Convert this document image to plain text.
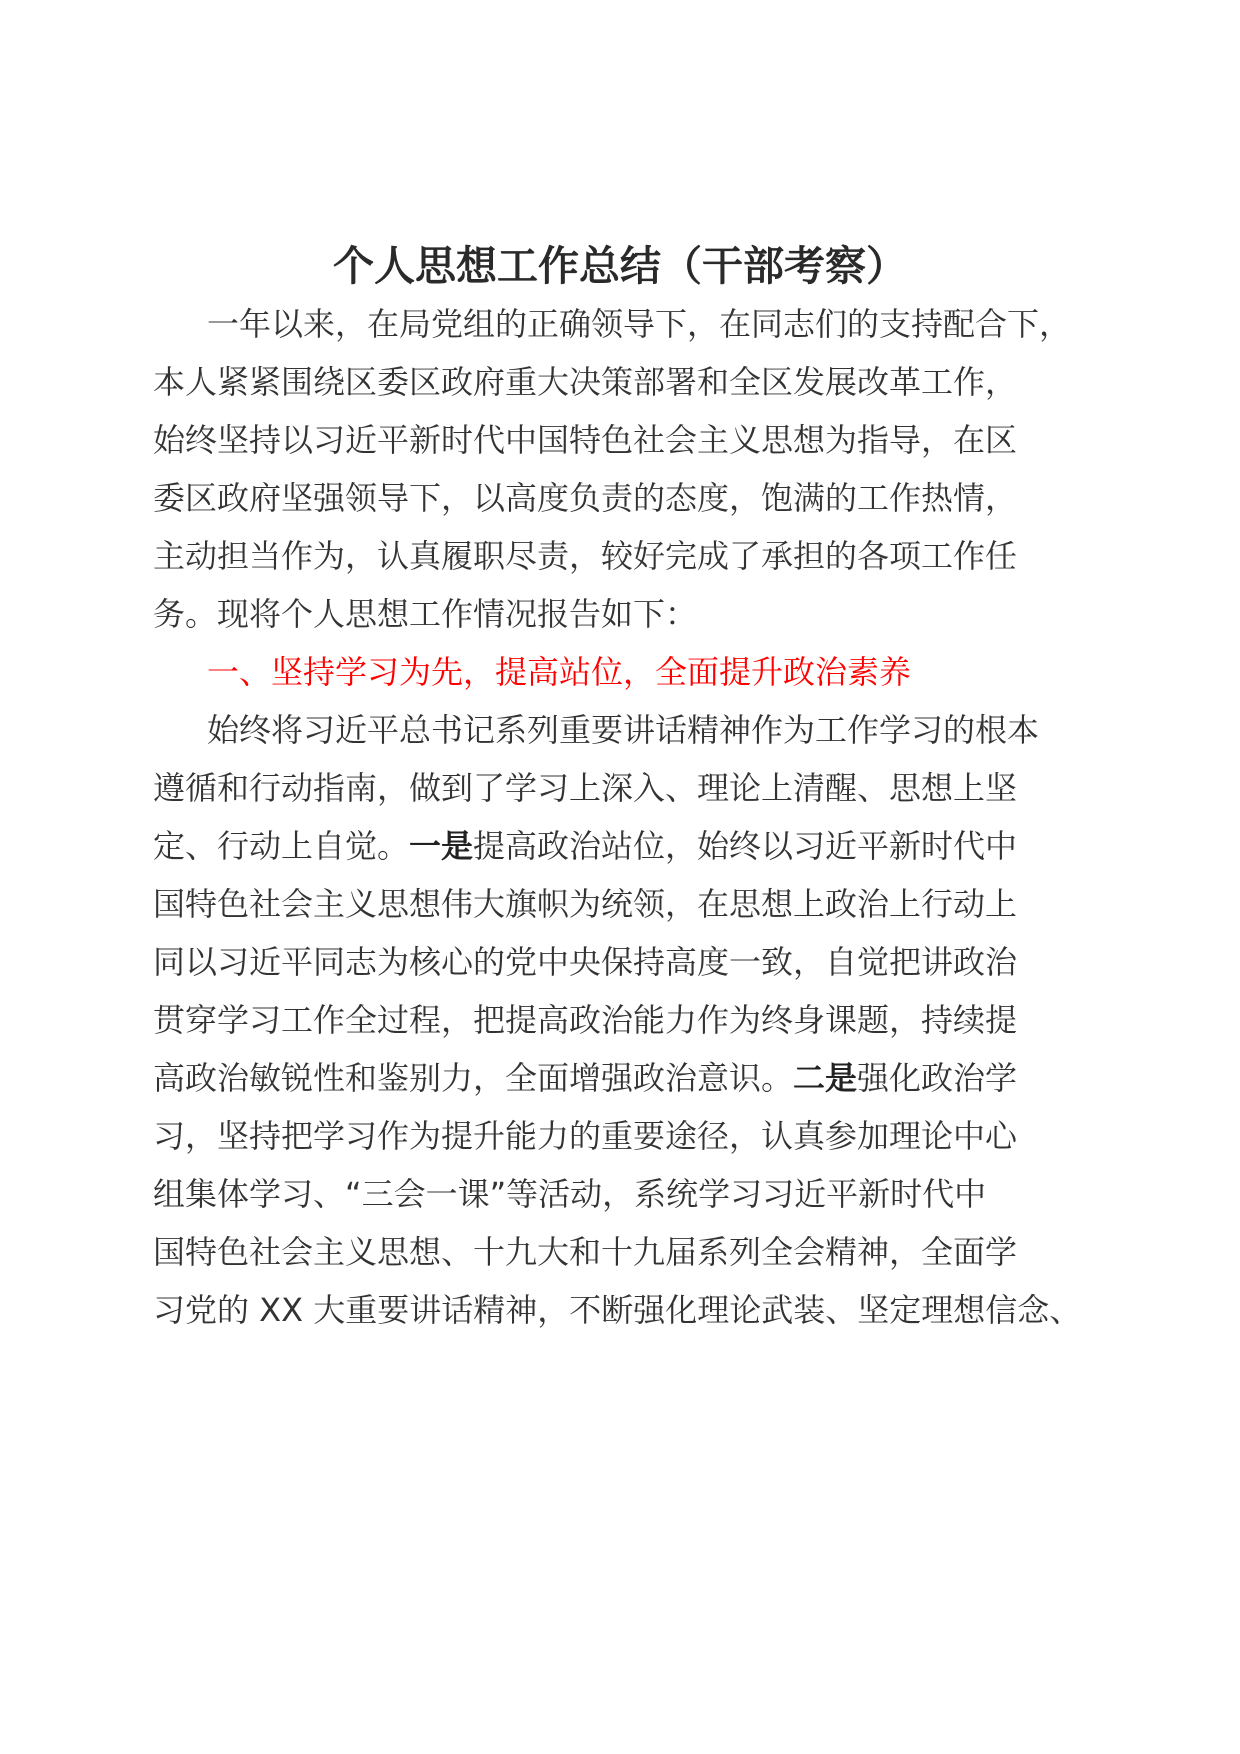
个人思想工作总结（干部考察）

一年以来，在局党组的正确领导下，在同志们的支持配合下，

本人紧紧围绕区委区政府重大决策部署和全区发展改革工作，

始终坚持以习近平新时代中国特色社会主义思想为指导，在区

委区政府坚强领导下，以高度负责的态度，饱满的工作热情，

主动担当作为，认真履职尽责，较好完成了承担的各项工作任

务。现将个人思想工作情况报告如下：

一、坚持学习为先，提高站位，全面提升政治素养

始终将习近平总书记系列重要讲话精神作为工作学习的根本

遵循和行动指南，做到了学习上深入、理论上清醒、思想上坚

定、行动上自觉。一是提高政治站位，始终以习近平新时代中

国特色社会主义思想伟大旗帜为统领，在思想上政治上行动上

同以习近平同志为核心的党中央保持高度一致，自觉把讲政治

贯穿学习工作全过程，把提高政治能力作为终身课题，持续提

高政治敏锐性和鉴别力，全面增强政治意识。二是强化政治学

习，坚持把学习作为提升能力的重要途径，认真参加理论中心

组集体学习、“三会一课”等活动，系统学习习近平新时代中

国特色社会主义思想、十九大和十九届系列全会精神，全面学

习党的 XX 大重要讲话精神，不断强化理论武装、坚定理想信念、
